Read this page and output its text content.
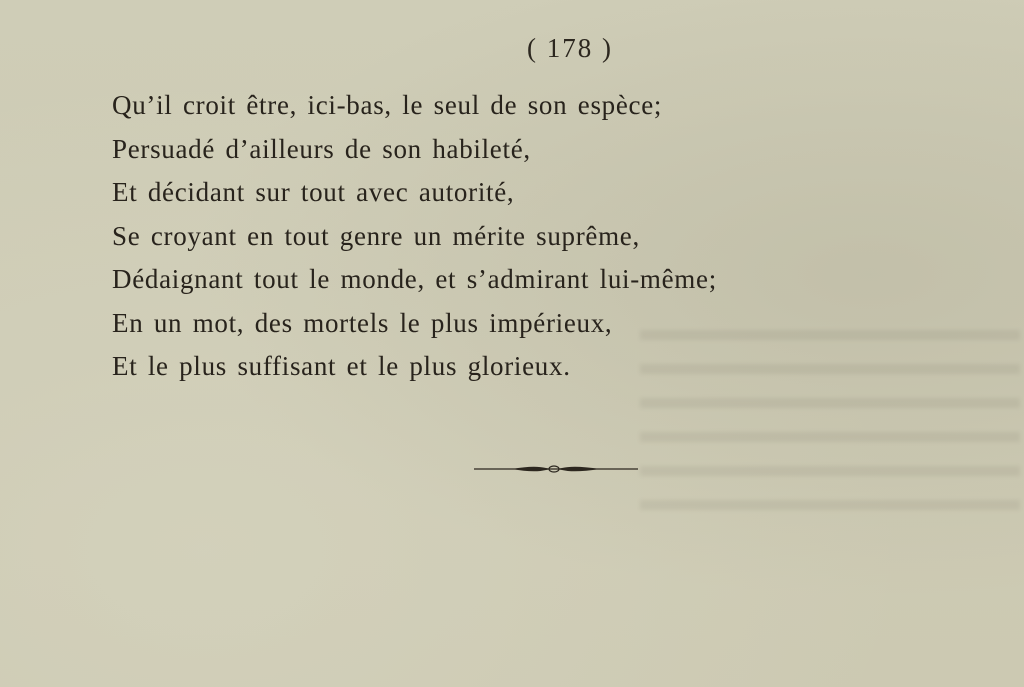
( 178 )
Qu’il croit être, ici-bas, le seul de son espèce;
Persuadé d’ailleurs de son habileté,
Et décidant sur tout avec autorité,
Se croyant en tout genre un mérite suprême,
Dédaignant tout le monde, et s’admirant lui-même;
En un mot, des mortels le plus impérieux,
Et le plus suffisant et le plus glorieux.
